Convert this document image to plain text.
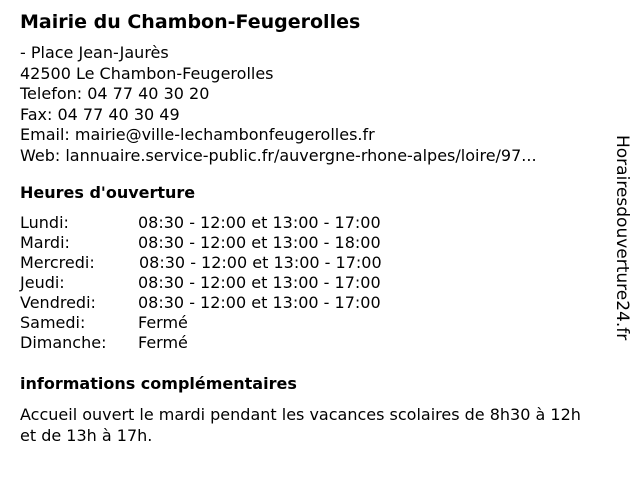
Mairie du Chambon-Feugerolles
- Place Jean-Jaurès
42500 Le Chambon-Feugerolles
Telefon: 04 77 40 30 20
Fax: 04 77 40 30 49
Email: mairie@ville-lechambonfeugerolles.fr
Web: lannuaire.service-public.fr/auvergne-rhone-alpes/loire/97...
Heures d'ouverture
Lundi:	08:30 - 12:00 et 13:00 - 17:00
Mardi:	08:30 - 12:00 et 13:00 - 18:00
Mercredi:	08:30 - 12:00 et 13:00 - 17:00
Jeudi:	08:30 - 12:00 et 13:00 - 17:00
Vendredi:	08:30 - 12:00 et 13:00 - 17:00
Samedi:	Fermé
Dimanche: Fermé
informations complémentaires
Accueil ouvert le mardi pendant les vacances scolaires de 8h30 à 12h
et de 13h à 17h.
Horairesdouverture24.fr
